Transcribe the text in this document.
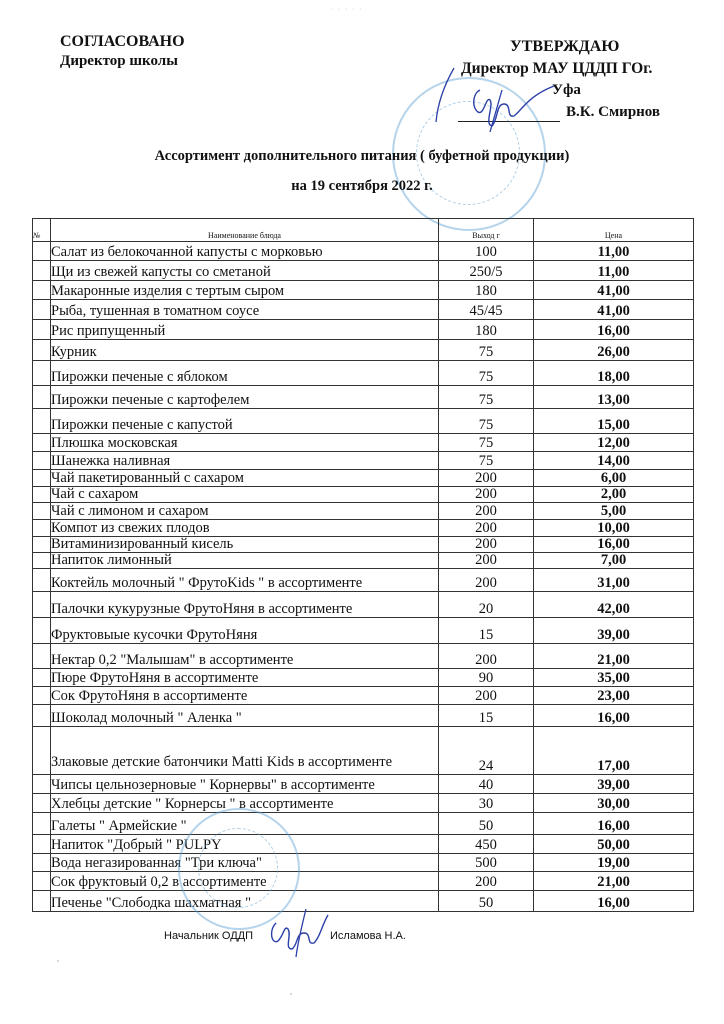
· · · · ·
СОГЛАСОВАНО
Директор школы
УТВЕРЖДАЮ
Директор МАУ ЦДДП ГОг.
Уфа
В.К. Смирнов
Ассортимент дополнительного питания ( буфетной продукции)
на 19 сентября 2022 г.
№	Наименование блюда	Выход г	Цена
	Салат из белокочанной капусты с морковью	100	11,00
	Щи из свежей капусты со сметаной	250/5	11,00
	Макаронные изделия с тертым сыром	180	41,00
	Рыба, тушенная в томатном соусе	45/45	41,00
	Рис припущенный	180	16,00
	Курник	75	26,00
	Пирожки печеные с яблоком	75	18,00
	Пирожки печеные с картофелем	75	13,00
	Пирожки печеные с капустой	75	15,00
	Плюшка московская	75	12,00
	Шанежка наливная	75	14,00
	Чай пакетированный с сахаром	200	6,00
	Чай с сахаром	200	2,00
	Чай с лимоном и сахаром	200	5,00
	Компот из свежих плодов	200	10,00
	Витаминизированный кисель	200	16,00
	Напиток лимонный	200	7,00
	Коктейль молочный " ФрутоKids " в ассортименте	200	31,00
	Палочки кукурузные ФрутоНяня в ассортименте	20	42,00
	Фруктовыые кусочки ФрутоНяня	15	39,00
	Нектар 0,2 "Малышам" в ассортименте	200	21,00
	Пюре ФрутоНяня в ассортименте	90	35,00
	Сок ФрутоНяня в ассортименте	200	23,00
	Шоколад молочный " Аленка "	15	16,00
	Злаковые детские батончики Matti Kids в ассортименте	24	17,00
	Чипсы цельнозерновые " Корнервы" в ассортименте	40	39,00
	Хлебцы детские " Корнерсы " в ассортименте	30	30,00
	Галеты " Армейские "	50	16,00
	Напиток "Добрый " PULPY	450	50,00
	Вода негазированная "Три ключа"	500	19,00
	Сок фруктовый 0,2 в ассортименте	200	21,00
	Печенье "Слободка шахматная "	50	16,00
Начальник ОДДП	Исламова Н.А.
